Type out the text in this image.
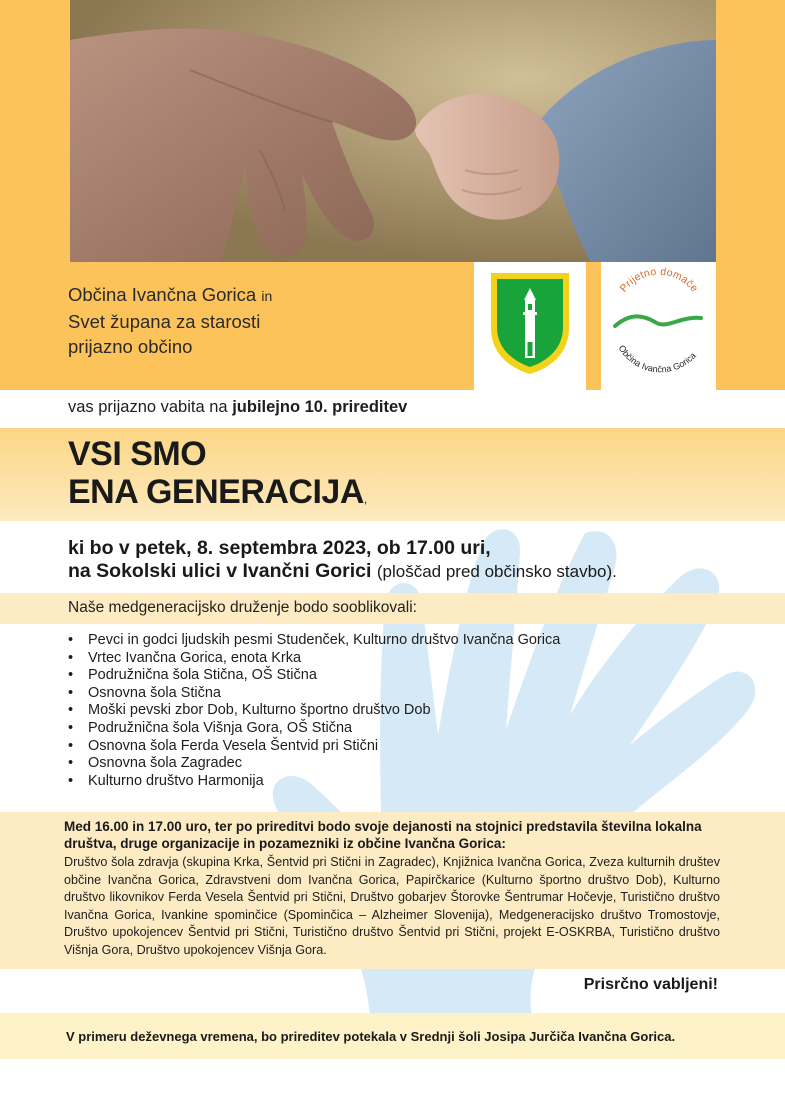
Občina Ivančna Gorica in
Svet župana za starosti
prijazno občino
Prijetno domače
Občina Ivančna Gorica
vas prijazno vabita na jubilejno 10. prireditev
VSI SMO
ENA GENERACIJA,
ki bo v petek, 8. septembra 2023, ob 17.00 uri,
na Sokolski ulici v Ivančni Gorici (ploščad pred občinsko stavbo).
Naše medgeneracijsko druženje bodo sooblikovali:
• Pevci in godci ljudskih pesmi Studenček, Kulturno društvo Ivančna Gorica
• Vrtec Ivančna Gorica, enota Krka
• Podružnična šola Stična, OŠ Stična
• Osnovna šola Stična
• Moški pevski zbor Dob, Kulturno športno društvo Dob
• Podružnična šola Višnja Gora, OŠ Stična
• Osnovna šola Ferda Vesela Šentvid pri Stični
• Osnovna šola Zagradec
• Kulturno društvo Harmonija
Med 16.00 in 17.00 uro, ter po prireditvi bodo svoje dejanosti na stojnici predstavila številna lokalna društva, druge organizacije in pozamezniki iz občine Ivančna Gorica:
Društvo šola zdravja (skupina Krka, Šentvid pri Stični in Zagradec), Knjižnica Ivančna Gorica, Zveza kulturnih društev občine Ivančna Gorica, Zdravstveni dom Ivančna Gorica, Papirčkarice (Kulturno športno društvo Dob), Kulturno društvo likovnikov Ferda Vesela Šentvid pri Stični, Društvo gobarjev Štorovke Šentrumar Hočevje, Turistično društvo Ivančna Gorica, Ivankine spominčice (Spominčica – Alzheimer Slovenija), Medgeneracijsko društvo Tromostovje, Društvo upokojencev Šentvid pri Stični, Turistično društvo Šentvid pri Stični, projekt E-OSKRBA, Turistično društvo Višnja Gora, Društvo upokojencev Višnja Gora.
Prisrčno vabljeni!
V primeru deževnega vremena, bo prireditev potekala v Srednji šoli Josipa Jurčiča Ivančna Gorica.
